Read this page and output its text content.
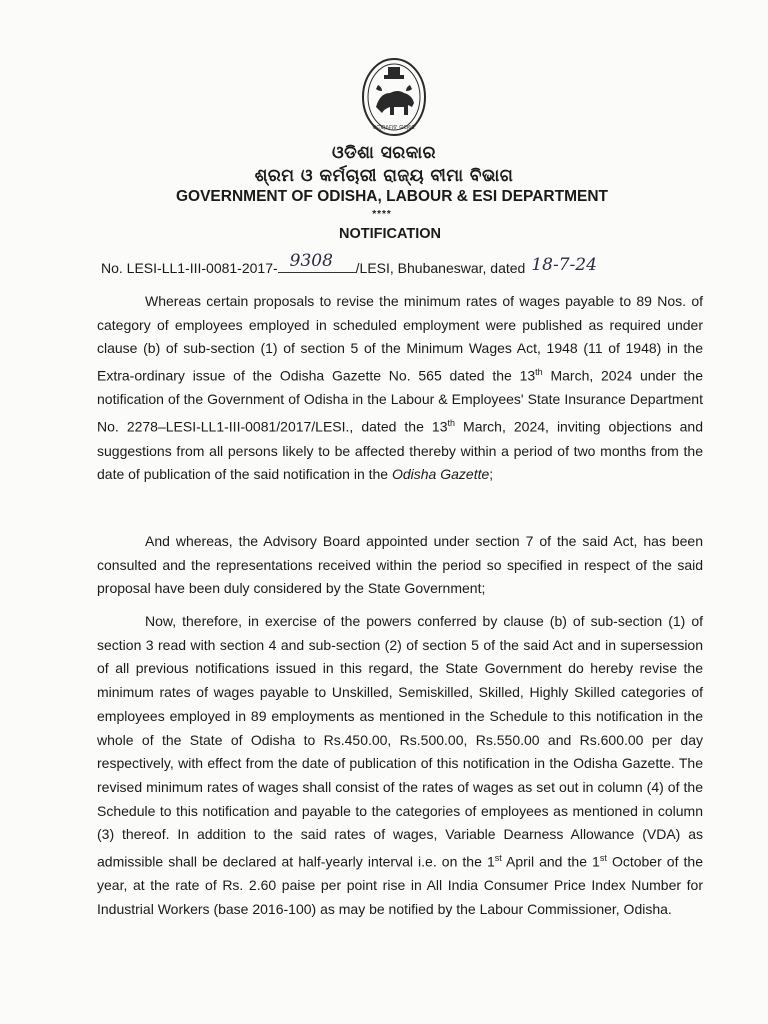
ସତ୍ୟମେବ ଜୟତେ
ଓଡିଶା ସରକାର
ଶ୍ରମ ଓ କର୍ମଚାରୀ ରାଜ୍ୟ ବୀମା ବିଭାଗ
GOVERNMENT OF ODISHA, LABOUR & ESI DEPARTMENT
****
NOTIFICATION
No. LESI-LL1-III-0081-2017- 9308 /LESI, Bhubaneswar, dated 18-7-24

Whereas certain proposals to revise the minimum rates of wages payable to 89 Nos. of category of employees employed in scheduled employment were published as required under clause (b) of sub-section (1) of section 5 of the Minimum Wages Act, 1948 (11 of 1948) in the Extra-ordinary issue of the Odisha Gazette No. 565 dated the 13th March, 2024 under the notification of the Government of Odisha in the Labour & Employees' State Insurance Department No. 2278–LESI-LL1-III-0081/2017/LESI., dated the 13th March, 2024, inviting objections and suggestions from all persons likely to be affected thereby within a period of two months from the date of publication of the said notification in the Odisha Gazette;

And whereas, the Advisory Board appointed under section 7 of the said Act, has been consulted and the representations received within the period so specified in respect of the said proposal have been duly considered by the State Government;

Now, therefore, in exercise of the powers conferred by clause (b) of sub-section (1) of section 3 read with section 4 and sub-section (2) of section 5 of the said Act and in supersession of all previous notifications issued in this regard, the State Government do hereby revise the minimum rates of wages payable to Unskilled, Semiskilled, Skilled, Highly Skilled categories of employees employed in 89 employments as mentioned in the Schedule to this notification in the whole of the State of Odisha to Rs.450.00, Rs.500.00, Rs.550.00 and Rs.600.00 per day respectively, with effect from the date of publication of this notification in the Odisha Gazette. The revised minimum rates of wages shall consist of the rates of wages as set out in column (4) of the Schedule to this notification and payable to the categories of employees as mentioned in column (3) thereof. In addition to the said rates of wages, Variable Dearness Allowance (VDA) as admissible shall be declared at half-yearly interval i.e. on the 1st April and the 1st October of the year, at the rate of Rs. 2.60 paise per point rise in All India Consumer Price Index Number for Industrial Workers (base 2016-100) as may be notified by the Labour Commissioner, Odisha.
